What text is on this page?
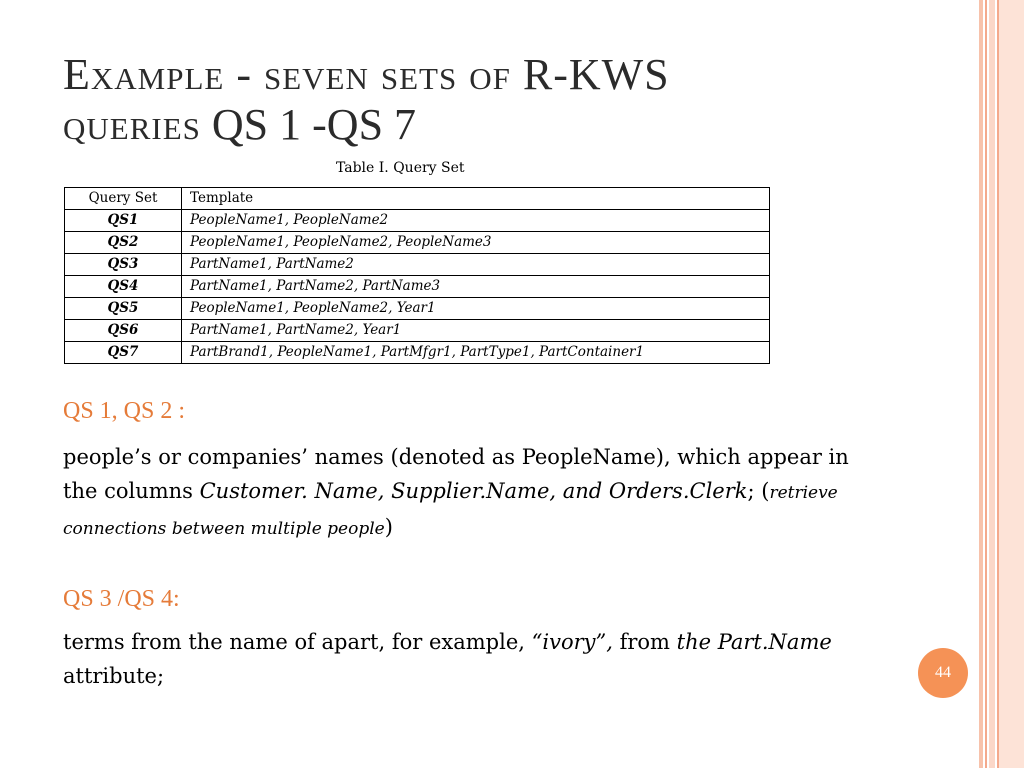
Example - seven sets of R-KWS
queries QS 1 -QS 7
Table I. Query Set
Query Set	Template
QS1	PeopleName1, PeopleName2
QS2	PeopleName1, PeopleName2, PeopleName3
QS3	PartName1, PartName2
QS4	PartName1, PartName2, PartName3
QS5	PeopleName1, PeopleName2, Year1
QS6	PartName1, PartName2, Year1
QS7	PartBrand1, PeopleName1, PartMfgr1, PartType1, PartContainer1
QS 1, QS 2 :
people’s or companies’ names (denoted as PeopleName), which appear in the columns Customer. Name, Supplier.Name, and Orders.Clerk; (retrieve connections between multiple people)
QS 3 /QS 4:
terms from the name of apart, for example, “ivory”, from the Part.Name attribute;	44
